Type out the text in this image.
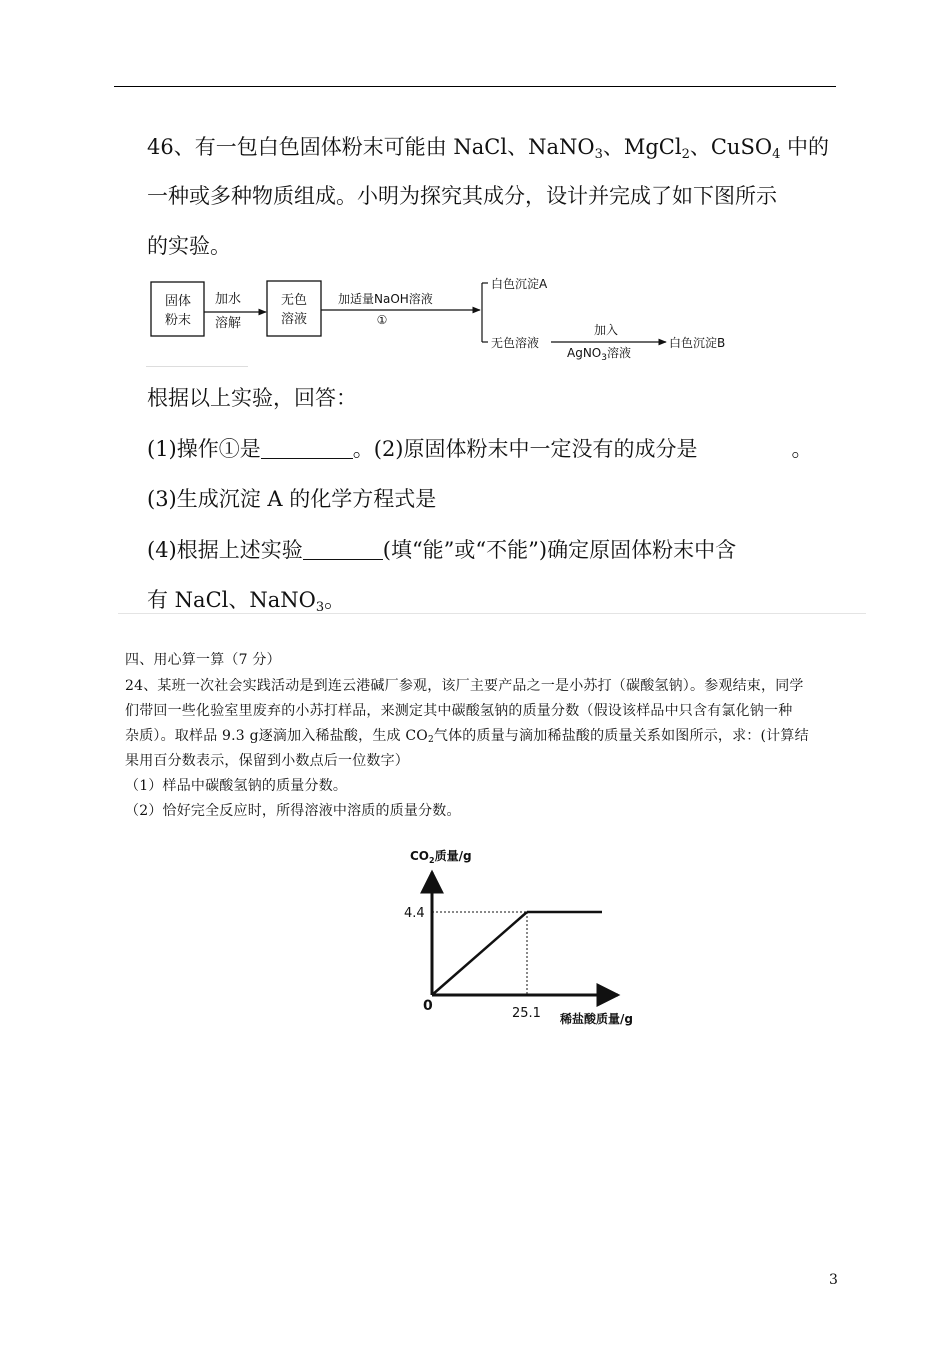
46、有一包白色固体粉末可能由 NaCl、NaNO$_3$、MgCl$_2$、CuSO$_4$ 中的
一种或多种物质组成。小明为探究其成分，设计并完成了如下图所示
的实验。
固体
粉末
加水
溶解
无色
溶液
加适量NaOH溶液
①
白色沉淀A
无色溶液
加入
AgNO$_3$溶液
白色沉淀B
根据以上实验，回答：
(1)操作①是	。(2)原固体粉末中一定没有的成分是	。
(3)生成沉淀 A 的化学方程式是
(4)根据上述实验	(填“能”或“不能”)确定原固体粉末中含
有 NaCl、NaNO$_3$。
四、用心算一算（7 分）
24、某班一次社会实践活动是到连云港碱厂参观，该厂主要产品之一是小苏打（碳酸氢钠）。参观结束，同学
们带回一些化验室里废弃的小苏打样品，来测定其中碳酸氢钠的质量分数（假设该样品中只含有氯化钠一种
杂质）。取样品 9.3 g逐滴加入稀盐酸，生成 $CO_2$气体的质量与滴加稀盐酸的质量关系如图所示，求：(计算结
果用百分数表示，保留到小数点后一位数字）
（1）样品中碳酸氢钠的质量分数。
（2）恰好完全反应时，所得溶液中溶质的质量分数。
$CO_2$质量/g
4.4
0	25.1 稀盐酸质量/g
3
